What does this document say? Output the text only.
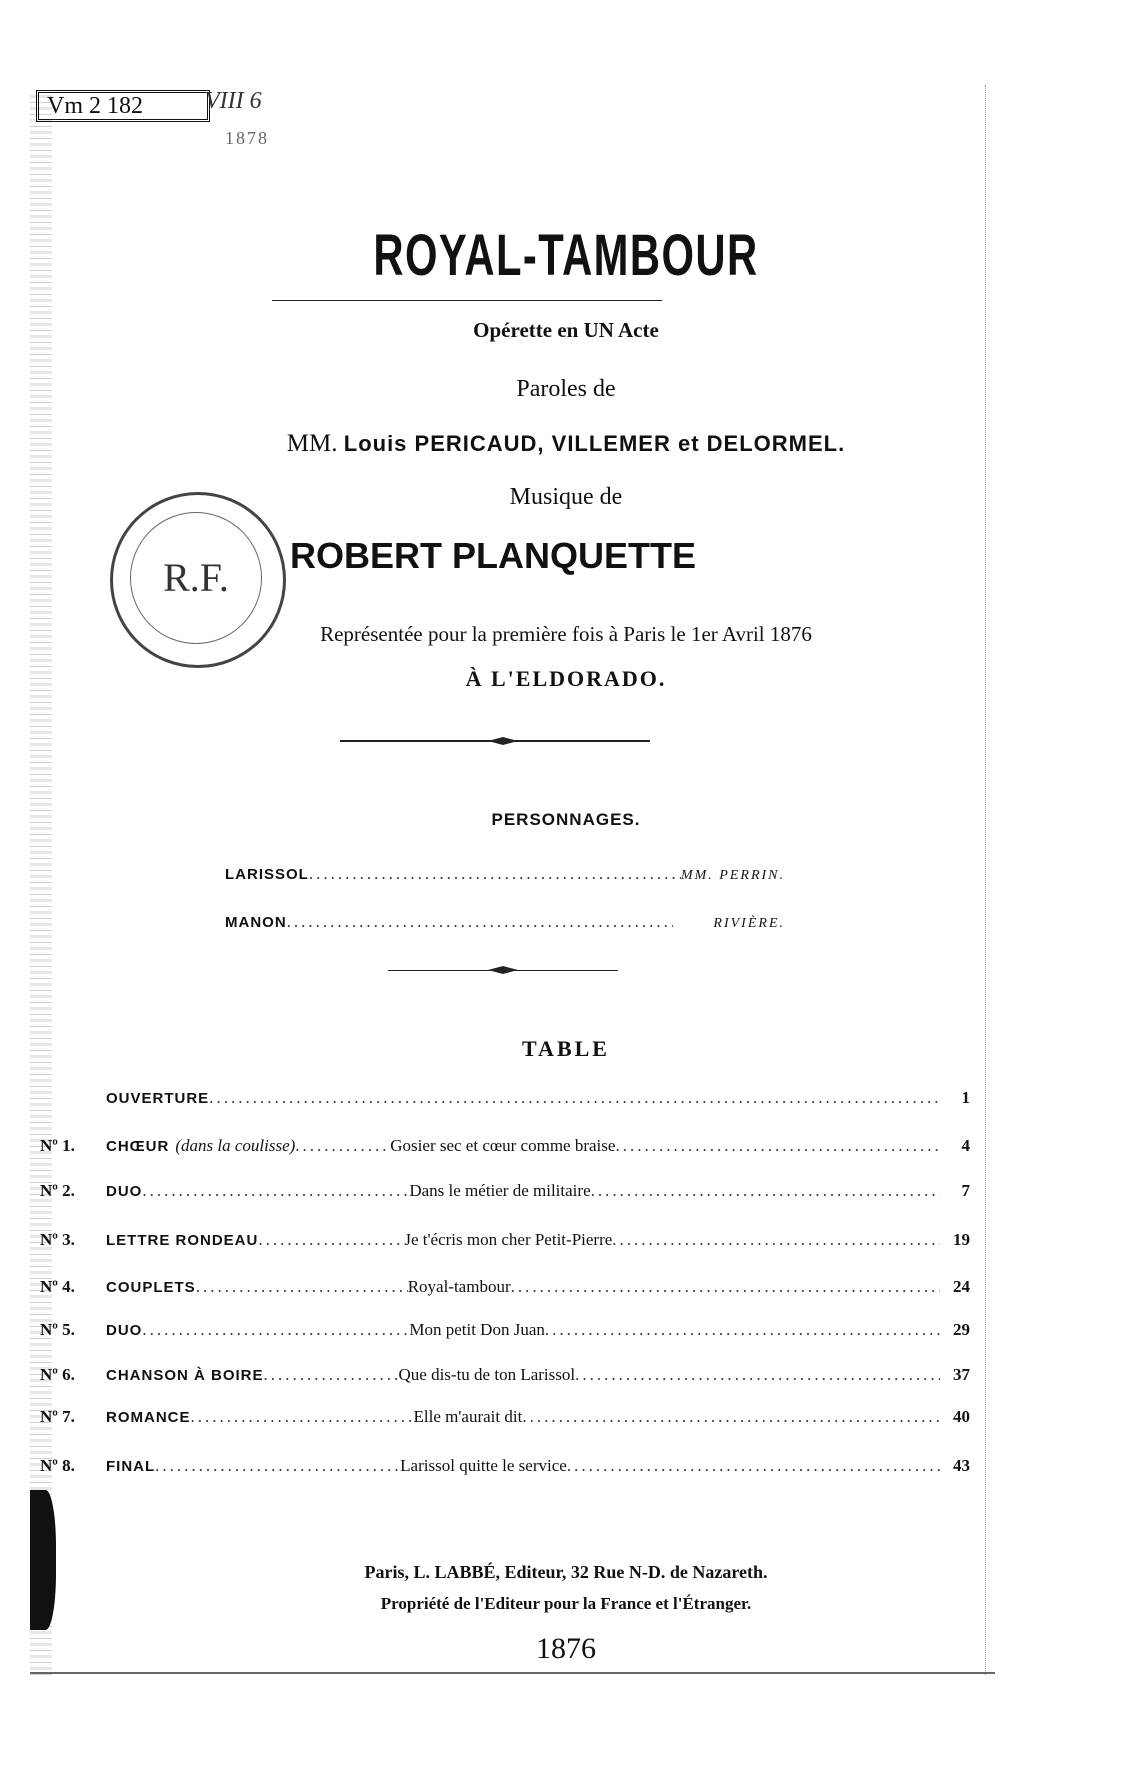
Vm 2 182	VIII 6
1878
ROYAL-TAMBOUR
Opérette en UN Acte
Paroles de
MM. Louis PERICAUD, VILLEMER et DELORMEL.
Musique de
ROBERT PLANQUETTE
R.F.
Représentée pour la première fois à Paris le 1er Avril 1876
À L'ELDORADO.
PERSONNAGES.
LARISSOL .....	MM. PERRIN.
MANON .....	RIVIÈRE.
TABLE
OUVERTURE .....	1
Nº 1.	CHŒUR (dans la coulisse) .....	Gosier sec et cœur comme braise .....	4
Nº 2.	DUO .....	Dans le métier de militaire .....	7
Nº 3.	LETTRE RONDEAU .....	Je t'écris mon cher Petit-Pierre .....	19
Nº 4.	COUPLETS .....	Royal-tambour .....	24
Nº 5.	DUO .....	Mon petit Don Juan .....	29
Nº 6.	CHANSON À BOIRE .....	Que dis-tu de ton Larissol .....	37
Nº 7.	ROMANCE .....	Elle m'aurait dit .....	40
Nº 8.	FINAL .....	Larissol quitte le service .....	43
Paris, L. LABBÉ, Editeur, 32 Rue N-D. de Nazareth.
Propriété de l'Editeur pour la France et l'Étranger.
1876
